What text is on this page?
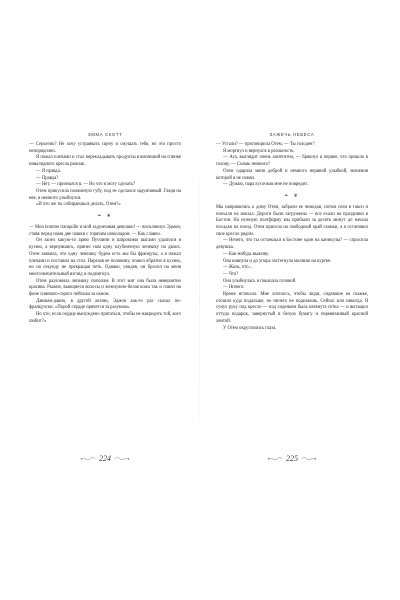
ЭММА СКОТТ

— Серьезно? Не хочу устраивать сцену и смущать тебя, но это просто непорядочно.

Я пожал плечами и стал перекладывать продукты в висевший на спинке инвалидного кресла рюкзак.

— Я правда.

— Правда?

— Нет, — признался я. — Но что я могу сделать?

Отем прикусила пожимную губу, под ее сделался задумчивый. Глядя на нее, я немного улыбнулся.

«И что же ты собираешься делать, Отем?»

❧ ❦

— Mon homme tranquille и мой задумчивая девушко! — воскликнул Эдмон, ставя перед нами две чашки с горячим шоколадом. — Как славно.

Он запел какую-то арию Пуччини и широкими шагами удалился в кухню, а вернувшись, принес нам одну клубничную лепешку на двоих. Отем заявила, что одну лепешку будем есть мы бы французы, а я пожал плечами и поставил на стол. Нарезав ее половину, пошел обратно в кухню, но на секунду не прекращая петь. Однако, увидев, он бросил на меня многозначительный взгляд и подмигнул.

Отем разломила лепешку пополам. В этот миг она была невероятно красива. Рыжие, вьющиеся волосы и жемчужно-белая кожа так и сияли на фоне синевато-серого пейзажа за окном.

Давным-давно, в другой жизни, Эдмон как-то раз сказал по-французски: «Порой сердце прячется за разумом».

Но что, если сердце вынуждено прятаться, чтобы не навредить той, кого любит?»

224
ЗАЖЕЧЬ НЕБЕСА

— Устали? — проговорила Отем. — Ты голоден?

Я моргнул и вернулся в реальность.

— Ага, выглядит очень аппетитно, — брякнул я первое, что пришло в голову. — Съешь немного?

Отем одарила меня доброй и немного нервной улыбкой, значения которой я не понял.

— Думаю, пара кусочков мне не повредит.

❧ ❦

Мы направились к дому Отем, забрали ее чемодан, потом сели в такси и поехали на вокзал. Дороги были загружены — все ехали на праздники в Бостон. На нужную платформу мы прибыли за десять минут до начала посадки на поезд. Отем присела на свободный край скамьи, а я остановил свое кресло рядом.

— Нечего, что ты остаешься в Бостоне один на каникулы? — спросила девушка.

— Как-нибудь выживу.

Она кивнула и до упора застегнула молнию на куртке.

— Жаль, что...

— Что?

Она улыбнулась и покачала головой.

— Ничего.

Время истекало. Мне хотелось, чтобы люди, сидевшие на скамье, отошли куда подальше, но ничего не поделаешь. Сейчас или никогда. Я сунул руку под кресло — под сиденьем была натянута сетка — и вытащил оттуда подарок, завернутый в белую бумагу и перевязанный красной лентой.

У Отем округлились глаза.

225
